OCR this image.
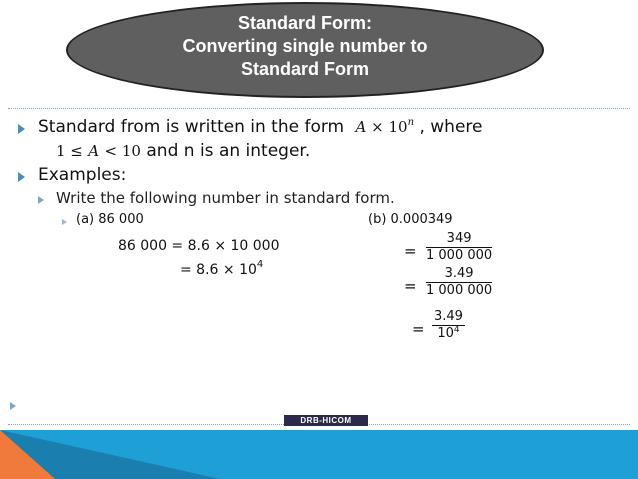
Standard Form:
Converting single number to
Standard Form
Standard from is written in the form $A \times 10^n$ , where
1 ≤ A < 10 and n is an integer.
Examples:
Write the following number in standard form.
(a) 86 000
86 000 = 8.6 × 10 000
= $8.6 \times 10^4$
(b) 0.000349
= $\frac{349}{1 000 000}$
= $\frac{3.49}{1 000 000}$
= $\frac{3.49}{10^4}$
DRB-HICOM
